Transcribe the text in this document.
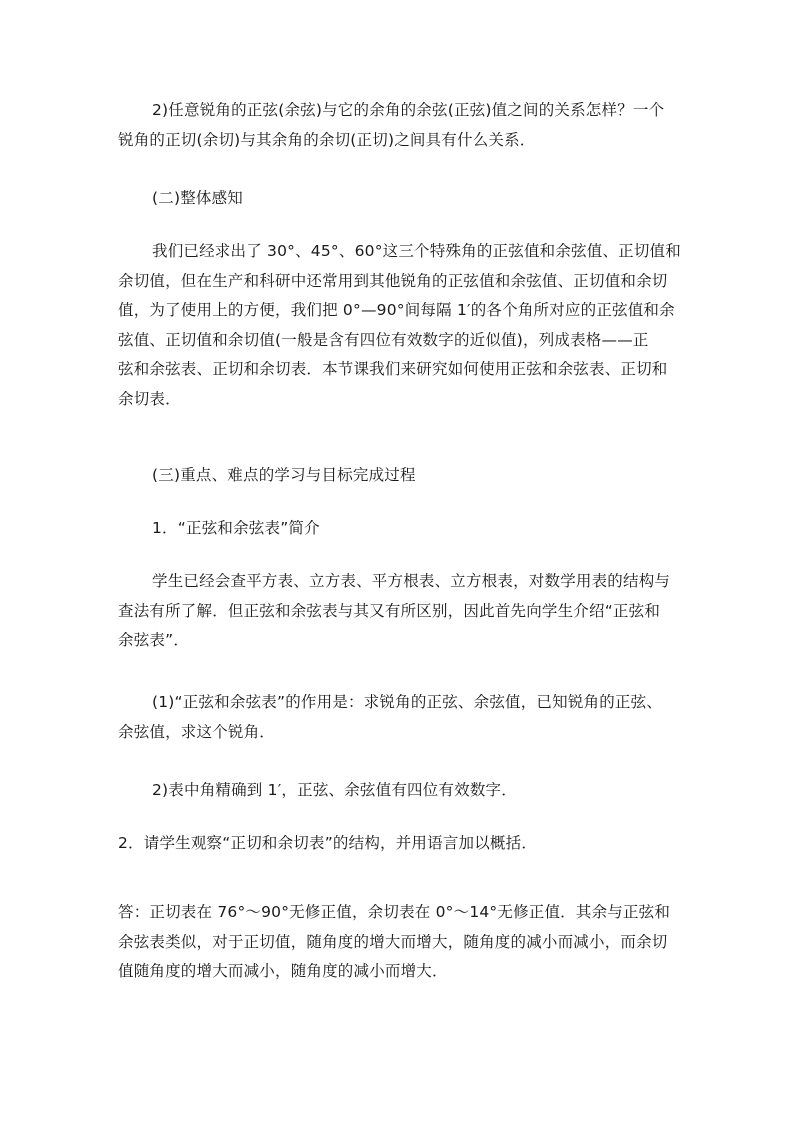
2)任意锐角的正弦(余弦)与它的余角的余弦(正弦)值之间的关系怎样？一个
锐角的正切(余切)与其余角的余切(正切)之间具有什么关系．

(二)整体感知

我们已经求出了 30°、45°、60°这三个特殊角的正弦值和余弦值、正切值和
余切值，但在生产和科研中还常用到其他锐角的正弦值和余弦值、正切值和余切
值，为了使用上的方便，我们把 0°—90°间每隔 1′的各个角所对应的正弦值和余
弦值、正切值和余切值(一般是含有四位有效数字的近似值)，列成表格——正
弦和余弦表、正切和余切表．本节课我们来研究如何使用正弦和余弦表、正切和
余切表．

(三)重点、难点的学习与目标完成过程

1．“正弦和余弦表”简介

学生已经会查平方表、立方表、平方根表、立方根表，对数学用表的结构与
查法有所了解．但正弦和余弦表与其又有所区别，因此首先向学生介绍“正弦和
余弦表”．

(1)“正弦和余弦表”的作用是：求锐角的正弦、余弦值，已知锐角的正弦、
余弦值，求这个锐角．

2)表中角精确到 1′，正弦、余弦值有四位有效数字．

2．请学生观察“正切和余切表”的结构，并用语言加以概括．

答：正切表在 76°～90°无修正值，余切表在 0°～14°无修正值．其余与正弦和
余弦表类似，对于正切值，随角度的增大而增大，随角度的减小而减小，而余切
值随角度的增大而减小，随角度的减小而增大．
